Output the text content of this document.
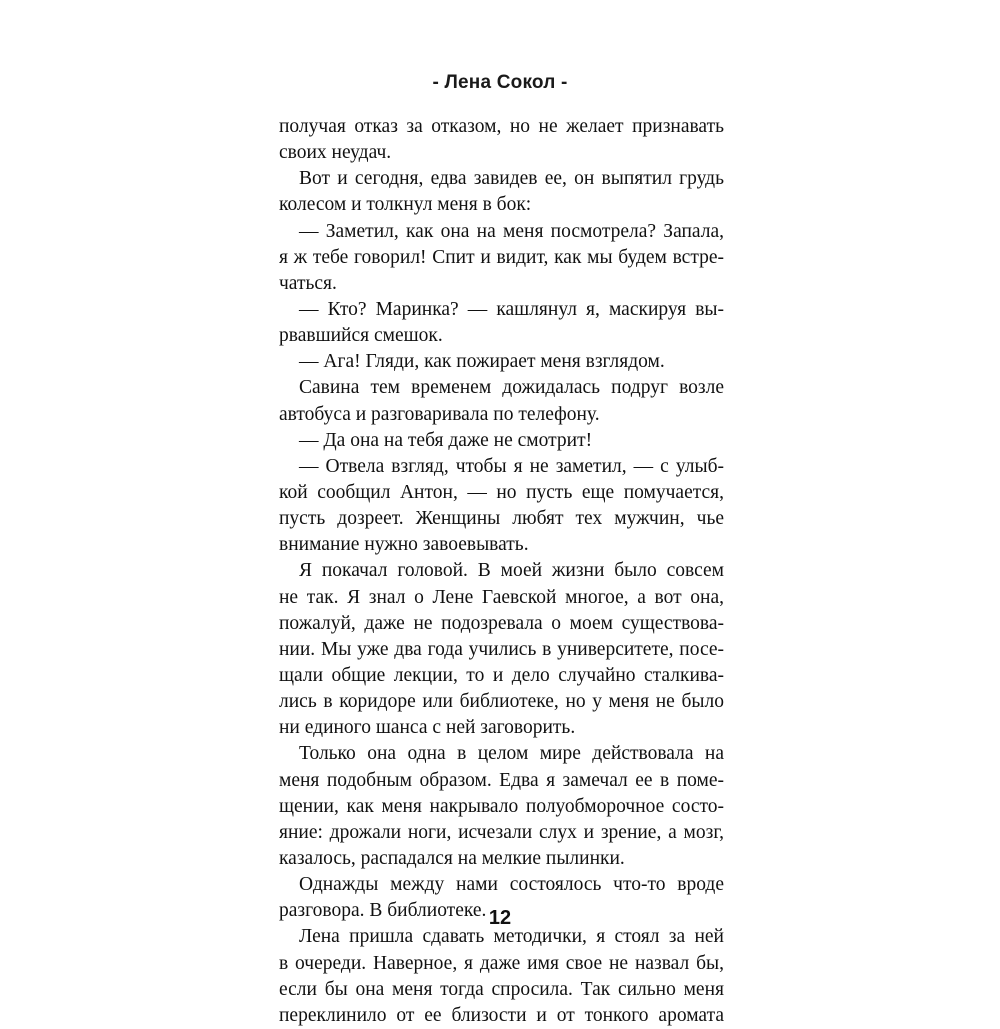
- Лена Сокол -
получая отказ за отказом, но не желает признавать
своих неудач.
Вот и сегодня, едва завидев ее, он выпятил грудь
колесом и толкнул меня в бок:
— Заметил, как она на меня посмотрела? Запала,
я ж тебе говорил! Спит и видит, как мы будем встре-
чаться.
— Кто? Маринка? — кашлянул я, маскируя вы-
рвавшийся смешок.
— Ага! Гляди, как пожирает меня взглядом.
Савина тем временем дожидалась подруг возле
автобуса и разговаривала по телефону.
— Да она на тебя даже не смотрит!
— Отвела взгляд, чтобы я не заметил, — с улыб-
кой сообщил Антон, — но пусть еще помучается,
пусть дозреет. Женщины любят тех мужчин, чье
внимание нужно завоевывать.
Я покачал головой. В моей жизни было совсем
не так. Я знал о Лене Гаевской многое, а вот она,
пожалуй, даже не подозревала о моем существова-
нии. Мы уже два года учились в университете, посе-
щали общие лекции, то и дело случайно сталкива-
лись в коридоре или библиотеке, но у меня не было
ни единого шанса с ней заговорить.
Только она одна в целом мире действовала на
меня подобным образом. Едва я замечал ее в помe-
щении, как меня накрывало полуобморочное состо-
яние: дрожали ноги, исчезали слух и зрение, а мозг,
казалось, распадался на мелкие пылинки.
Однажды между нами состоялось что-то вроде
разговора. В библиотеке.
Лена пришла сдавать методички, я стоял за ней
в очереди. Наверное, я даже имя свое не назвал бы,
если бы она меня тогда спросила. Так сильно меня
переклинило от ее близости и от тонкого аромата
12
